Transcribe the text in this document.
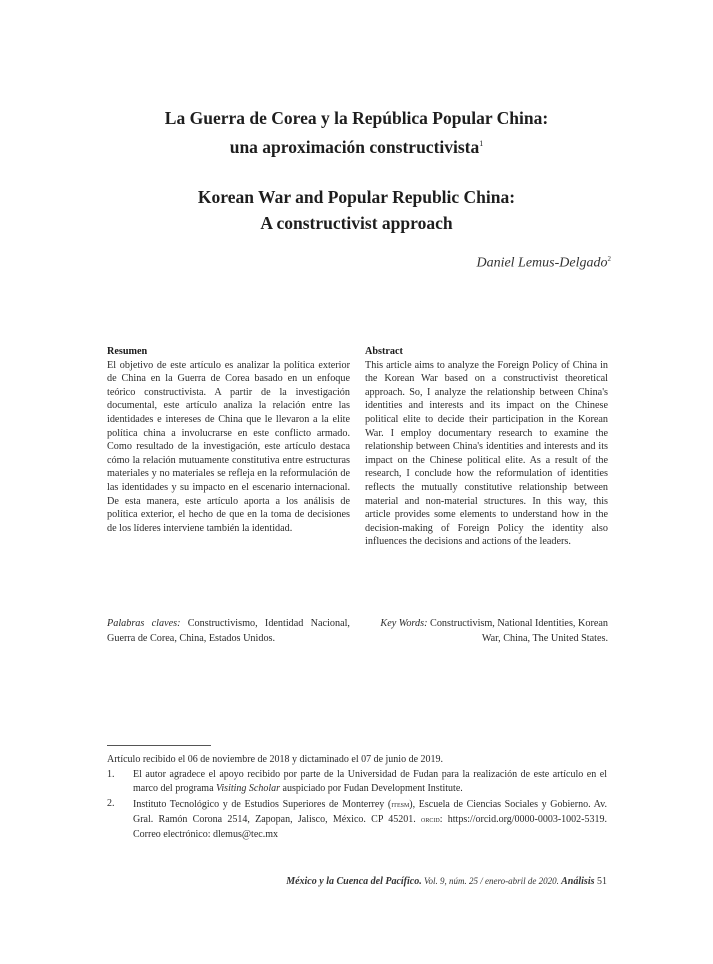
La Guerra de Corea y la República Popular China:
una aproximación constructivista$^1$
Korean War and Popular Republic China:
A constructivist approach
Daniel Lemus-Delgado$^2$
Resumen

El objetivo de este artículo es analizar la política exterior de China en la Guerra de Corea basado en un enfoque teórico constructivista. A partir de la investigación documental, este artículo analiza la relación entre las identidades e intereses de China que le llevaron a la elite política china a involucrarse en este conflicto armado. Como resultado de la investigación, este artículo destaca cómo la relación mutuamente constitutiva entre estructuras materiales y no materiales se refleja en la reformulación de las identidades y su impacto en el escenario internacional. De esta manera, este artículo aporta a los análisis de política exterior, el hecho de que en la toma de decisiones de los líderes interviene también la identidad.

Abstract

This article aims to analyze the Foreign Policy of China in the Korean War based on a constructivist theoretical approach. So, I analyze the relationship between China's identities and interests and its impact on the Chinese political elite to decide their participation in the Korean War. I employ documentary research to examine the relationship between China's identities and interests and its impact on the Chinese political elite. As a result of the research, I conclude how the reformulation of identities reflects the mutually constitutive relationship between material and non-material structures. In this way, this article provides some elements to understand how in the decision-making of Foreign Policy the identity also influences the decisions and actions of the leaders.

Palabras claves: Constructivismo, Identidad Nacional, Guerra de Corea, China, Estados Unidos.
Key Words: Constructivism, National Identities, Korean War, China, The United States.

Artículo recibido el 06 de noviembre de 2018 y dictaminado el 07 de junio de 2019.

1.	El autor agradece el apoyo recibido por parte de la Universidad de Fudan para la realización de este artículo en el marco del programa Visiting Scholar auspiciado por Fudan Development Institute.
2.	Instituto Tecnológico y de Estudios Superiores de Monterrey (itesm), Escuela de Ciencias Sociales y Gobierno. Av. Gral. Ramón Corona 2514, Zapopan, Jalisco, México. CP 45201. orcid: https://orcid.org/0000-0003-1002-5319. Correo electrónico: dlemus@tec.mx
México y la Cuenca del Pacífico. Vol. 9, núm. 25 / enero-abril de 2020. Análisis 51
